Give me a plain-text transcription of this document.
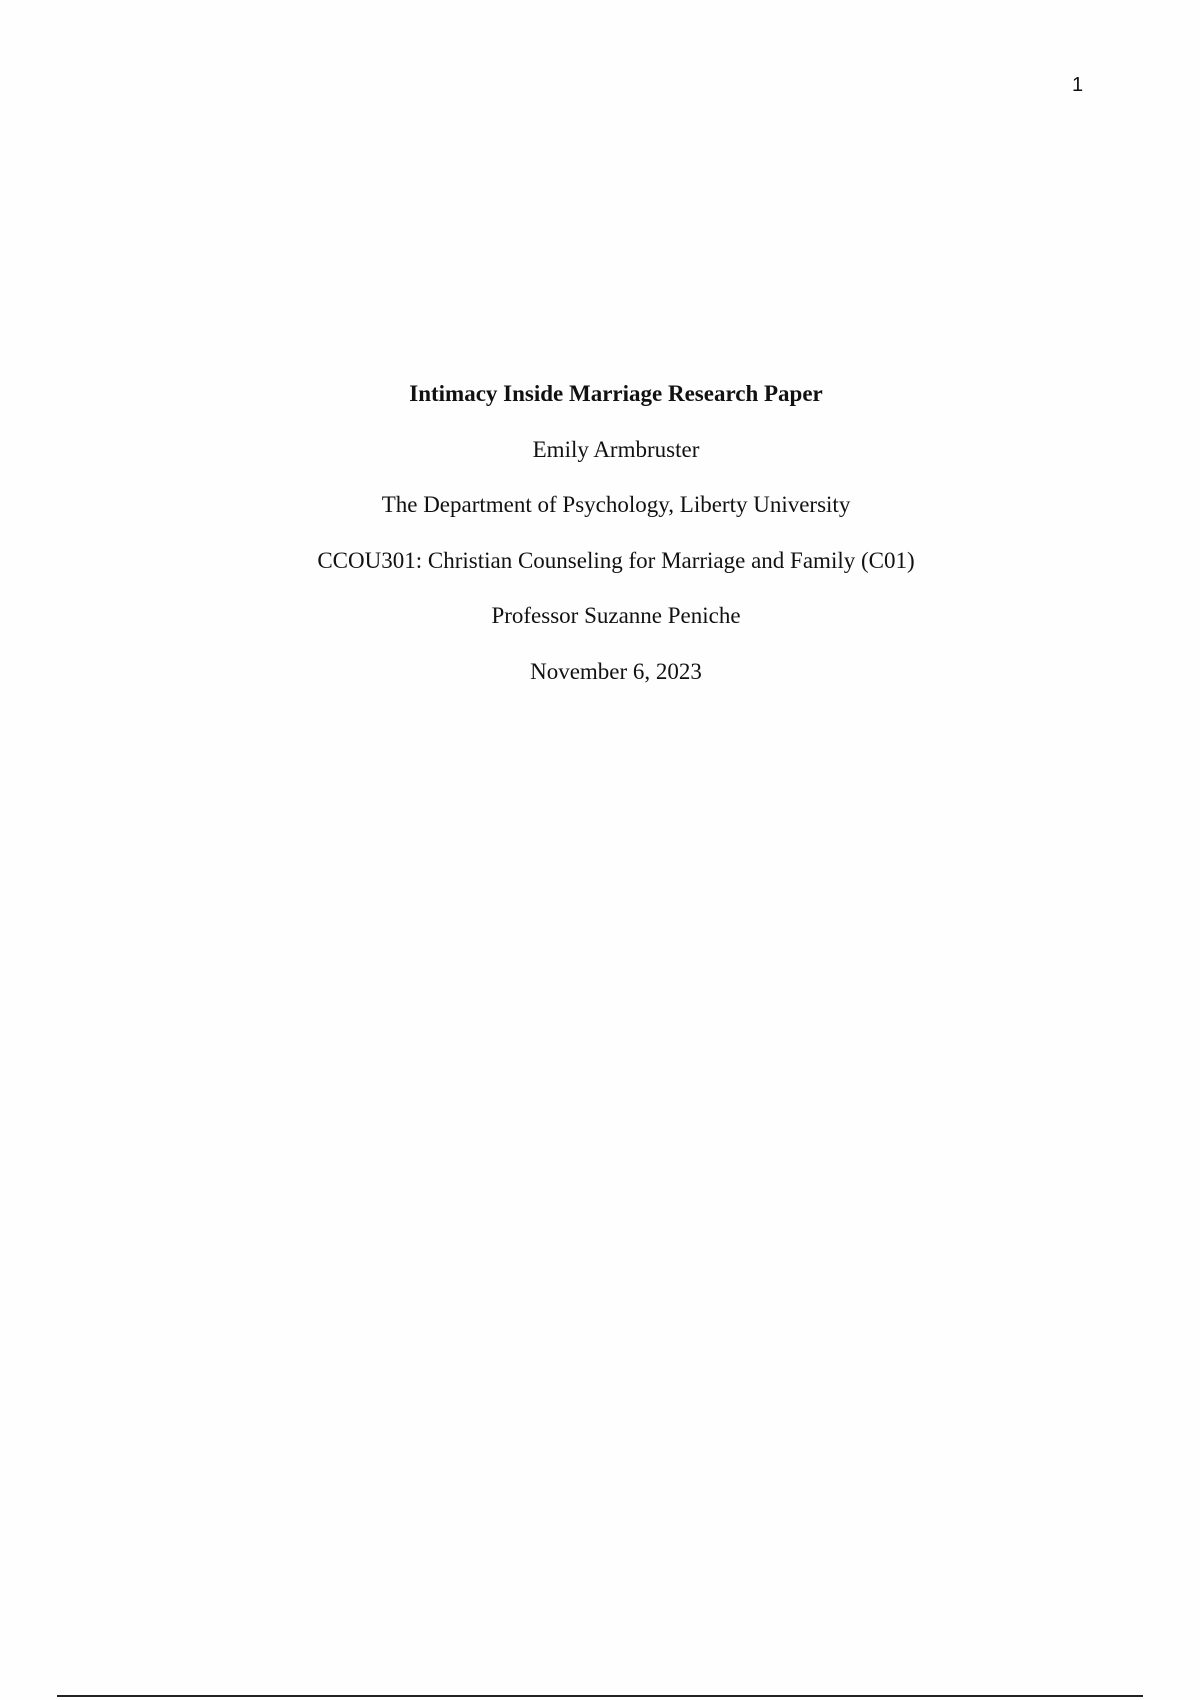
1
Intimacy Inside Marriage Research Paper
Emily Armbruster
The Department of Psychology, Liberty University
CCOU301: Christian Counseling for Marriage and Family (C01)
Professor Suzanne Peniche
November 6, 2023
